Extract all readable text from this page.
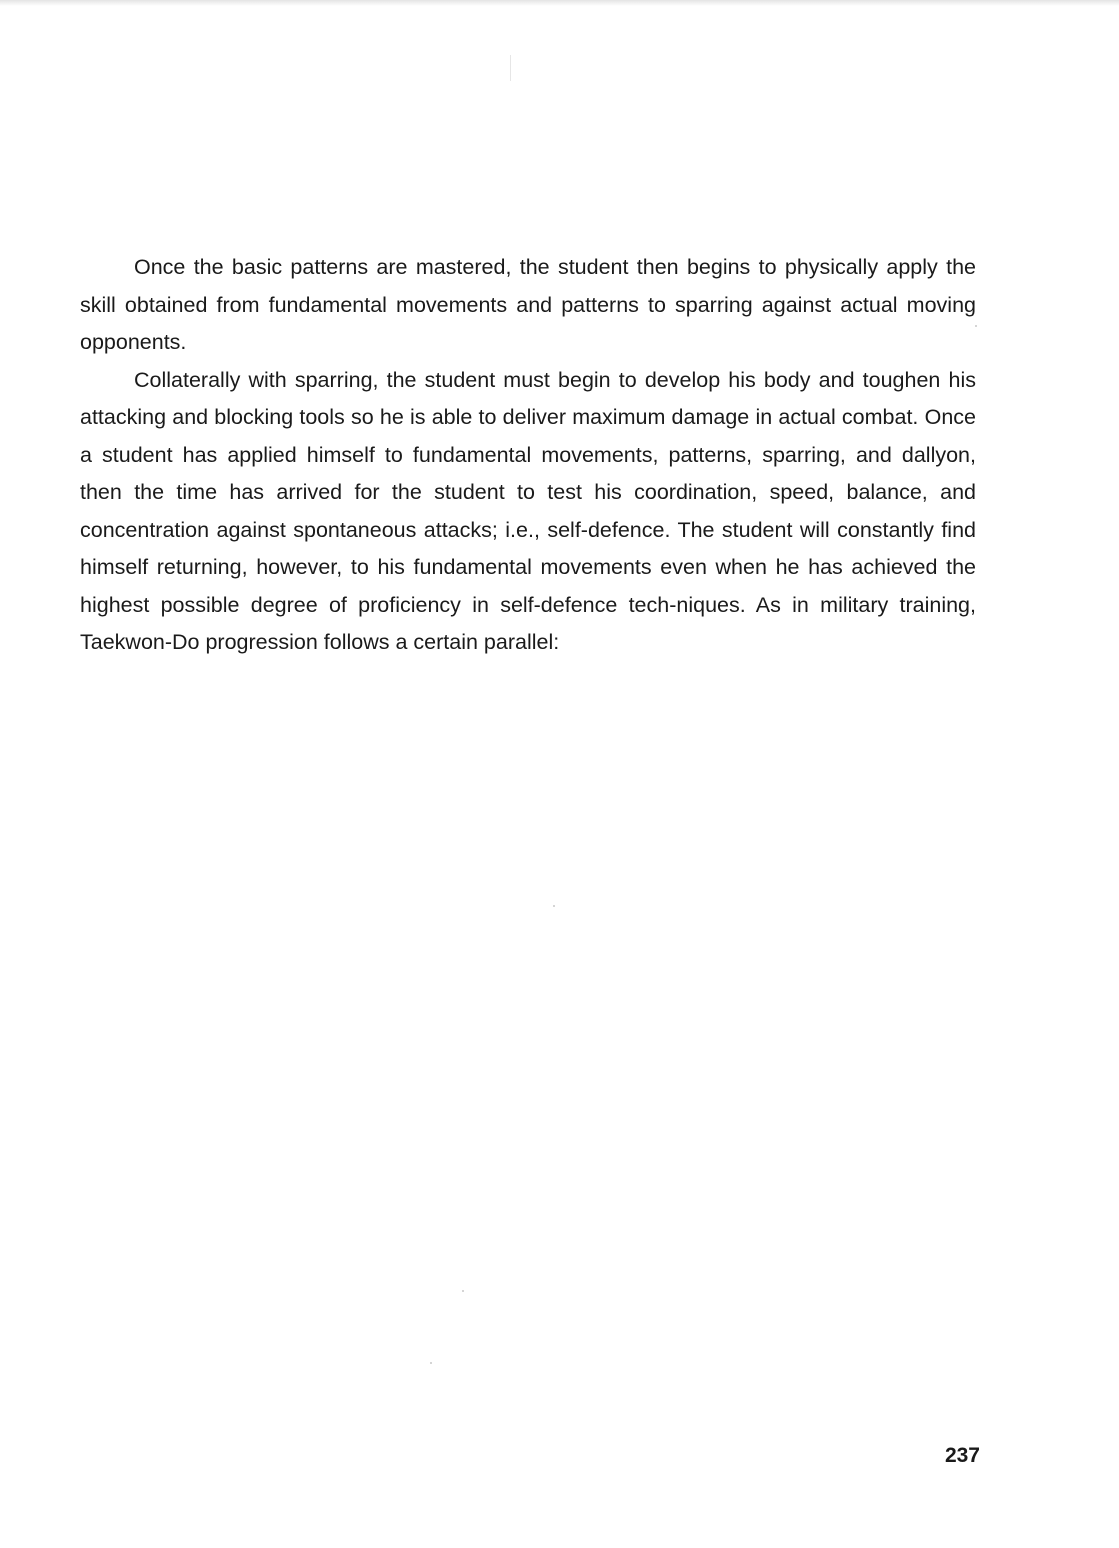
Once the basic patterns are mastered, the student then begins to physically apply the skill obtained from fundamental movements and patterns to sparring against actual moving opponents.

Collaterally with sparring, the student must begin to develop his body and toughen his attacking and blocking tools so he is able to deliver maximum damage in actual combat. Once a student has applied himself to fundamental movements, patterns, sparring, and dallyon, then the time has arrived for the student to test his coordination, speed, balance, and concentration against spontaneous attacks; i.e., self-defence. The student will constantly find himself returning, however, to his fundamental movements even when he has achieved the highest possible degree of proficiency in self-defence tech-niques. As in military training, Taekwon-Do progression follows a certain parallel:

237
